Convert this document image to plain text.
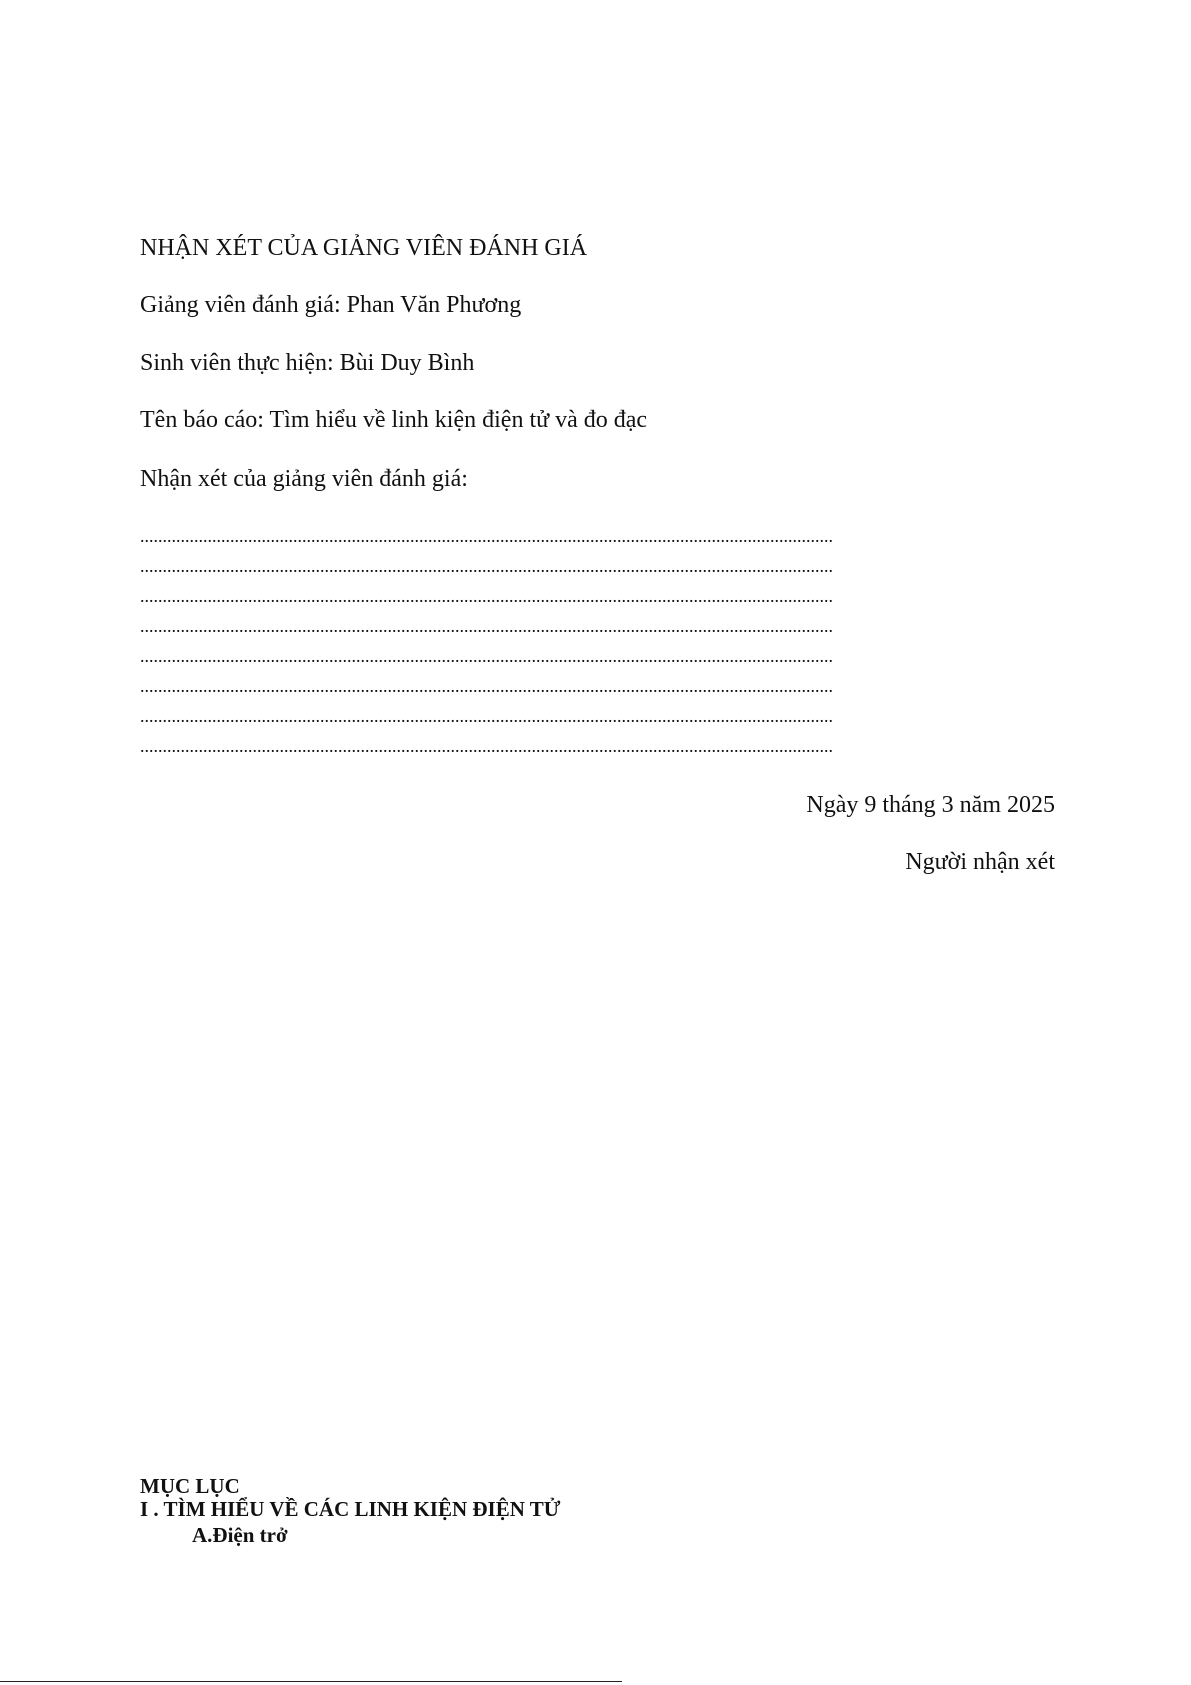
NHẬN XÉT CỦA GIẢNG VIÊN ĐÁNH GIÁ
Giảng viên đánh giá: Phan Văn Phương
Sinh viên thực hiện: Bùi Duy Bình
Tên báo cáo: Tìm hiểu về linh kiện điện tử và đo đạc
Nhận xét của giảng viên đánh giá:
..........................................................................................................................................................
..........................................................................................................................................................
..........................................................................................................................................................
..........................................................................................................................................................
..........................................................................................................................................................
..........................................................................................................................................................
..........................................................................................................................................................
..........................................................................................................................................................
Ngày 9 tháng 3 năm 2025
Người nhận xét
MỤC LỤC
I . TÌM HIỂU VỀ CÁC LINH KIỆN ĐIỆN TỬ
A.Điện trở
